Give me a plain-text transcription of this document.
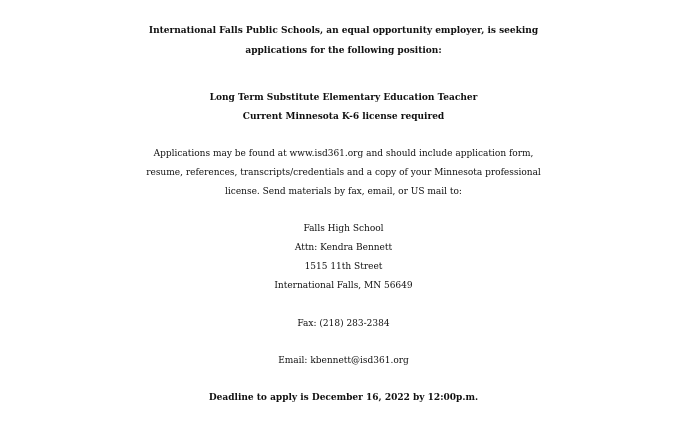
International Falls Public Schools, an equal opportunity employer, is seeking
applications for the following position:
Long Term Substitute Elementary Education Teacher
Current Minnesota K-6 license required
Applications may be found at www.isd361.org and should include application form,
resume, references, transcripts/credentials and a copy of your Minnesota professional
license. Send materials by fax, email, or US mail to:
Falls High School
Attn: Kendra Bennett
1515 11th Street
International Falls, MN 56649
Fax: (218) 283-2384
Email: kbennett@isd361.org
Deadline to apply is December 16, 2022 by 12:00p.m.
